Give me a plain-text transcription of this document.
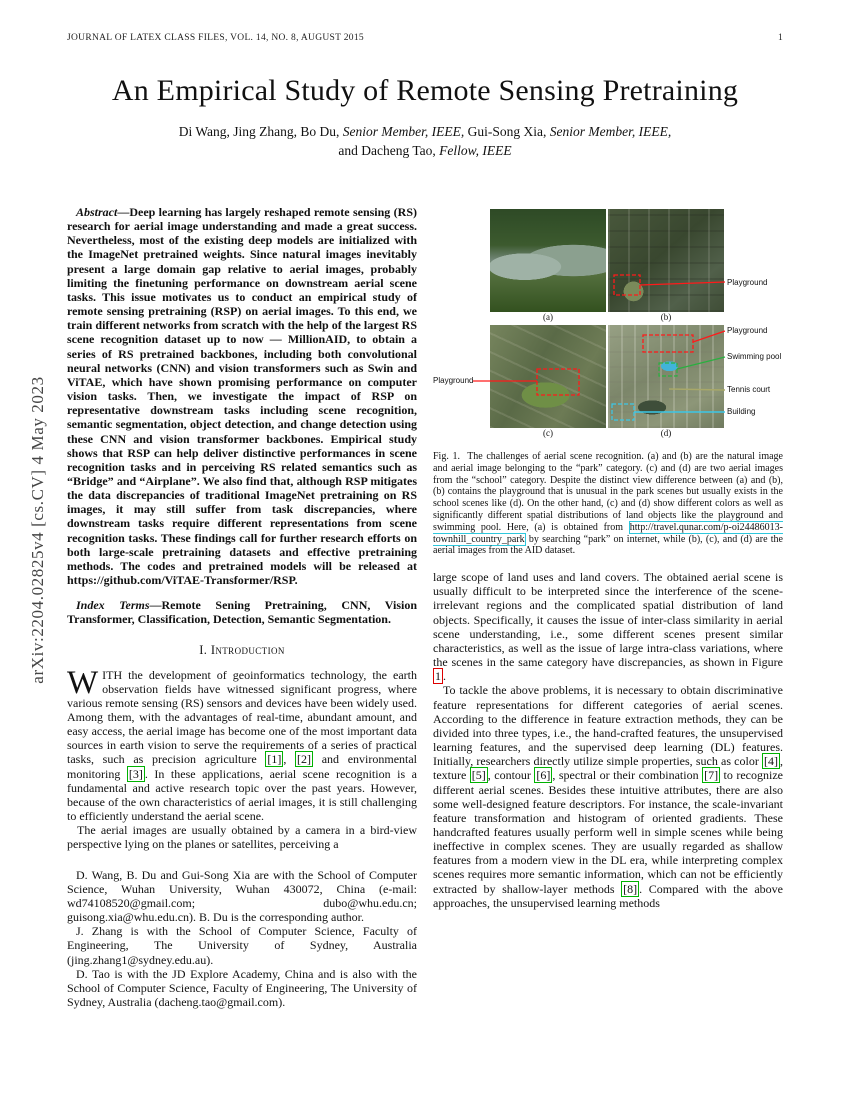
JOURNAL OF LATEX CLASS FILES, VOL. 14, NO. 8, AUGUST 2015	1
arXiv:2204.02825v4 [cs.CV] 4 May 2023
An Empirical Study of Remote Sensing Pretraining
Di Wang, Jing Zhang, Bo Du, Senior Member, IEEE, Gui-Song Xia, Senior Member, IEEE,
and Dacheng Tao, Fellow, IEEE

Abstract—Deep learning has largely reshaped remote sensing (RS) research for aerial image understanding and made a great success. Nevertheless, most of the existing deep models are initialized with the ImageNet pretrained weights. Since natural images inevitably present a large domain gap relative to aerial images, probably limiting the finetuning performance on downstream aerial scene tasks. This issue motivates us to conduct an empirical study of remote sensing pretraining (RSP) on aerial images. To this end, we train different networks from scratch with the help of the largest RS scene recognition dataset up to now — MillionAID, to obtain a series of RS pretrained backbones, including both convolutional neural networks (CNN) and vision transformers such as Swin and ViTAE, which have shown promising performance on computer vision tasks. Then, we investigate the impact of RSP on representative downstream tasks including scene recognition, semantic segmentation, object detection, and change detection using these CNN and vision transformer backbones. Empirical study shows that RSP can help deliver distinctive performances in scene recognition tasks and in perceiving RS related semantics such as “Bridge” and “Airplane”. We also find that, although RSP mitigates the data discrepancies of traditional ImageNet pretraining on RS images, it may still suffer from task discrepancies, where downstream tasks require different representations from scene recognition tasks. These findings call for further research efforts on both large-scale pretraining datasets and effective pretraining methods. The codes and pretrained models will be released at https://github.com/ViTAE-Transformer/RSP.

Index Terms—Remote Sening Pretraining, CNN, Vision Transformer, Classification, Detection, Semantic Segmentation.

I. Introduction

WITH the development of geoinformatics technology, the earth observation fields have witnessed significant progress, where various remote sensing (RS) sensors and devices have been widely used. Among them, with the advantages of real-time, abundant amount, and easy access, the aerial image has become one of the most important data sources in earth vision to serve the requirements of a series of practical tasks, such as precision agriculture [1] , [2] and environmental monitoring [3] . In these applications, aerial scene recognition is a fundamental and active research topic over the past years. However, because of the own characteristics of aerial images, it is still challenging to efficiently understand the aerial scene.

The aerial images are usually obtained by a camera in a bird-view perspective lying on the planes or satellites, perceiving a

D. Wang, B. Du and Gui-Song Xia are with the School of Computer Science, Wuhan University, Wuhan 430072, China (e-mail: wd74108520@gmail.com; dubo@whu.edu.cn; guisong.xia@whu.edu.cn). B. Du is the corresponding author.

J. Zhang is with the School of Computer Science, Faculty of Engineering, The University of Sydney, Australia (jing.zhang1@sydney.edu.au).

D. Tao is with the JD Explore Academy, China and is also with the School of Computer Science, Faculty of Engineering, The University of Sydney, Australia (dacheng.tao@gmail.com).

(a)	(b)
(c)	(d)
Playground
Playground
Playground
Swimming pool
Tennis court
Building
Fig. 1.  The challenges of aerial scene recognition. (a) and (b) are the natural image and aerial image belonging to the “park” category. (c) and (d) are two aerial images from the “school” category. Despite the distinct view difference between (a) and (b), (b) contains the playground that is unusual in the park scenes but usually exists in the school scenes like (d). On the other hand, (c) and (d) show different colors as well as significantly different spatial distributions of land objects like the playground and swimming pool. Here, (a) is obtained from http://travel.qunar.com/p-oi24486013-townhill_country_park by searching “park” on internet, while (b), (c), and (d) are the aerial images from the AID dataset.

large scope of land uses and land covers. The obtained aerial scene is usually difficult to be interpreted since the interference of the scene-irrelevant regions and the complicated spatial distribution of land objects. Specifically, it causes the issue of inter-class similarity in aerial scene understanding, i.e., some different scenes present similar characteristics, as well as the issue of large intra-class variations, where the scenes in the same category have discrepancies, as shown in Figure 1 .

To tackle the above problems, it is necessary to obtain discriminative feature representations for different categories of aerial scenes. According to the difference in feature extraction methods, they can be divided into three types, i.e., the hand-crafted features, the unsupervised learning features, and the supervised deep learning (DL) features. Initially, researchers directly utilize simple properties, such as color [4] , texture [5] , contour [6] , spectral or their combination [7] to recognize different aerial scenes. Besides these intuitive attributes, there are also some well-designed feature descriptors. For instance, the scale-invariant feature transformation and histogram of oriented gradients. These handcrafted features usually perform well in simple scenes while being ineffective in complex scenes. They are usually regarded as shallow features from a modern view in the DL era, while interpreting complex scenes requires more semantic information, which can not be efficiently extracted by shallow-layer methods [8] . Compared with the above approaches, the unsupervised learning methods
